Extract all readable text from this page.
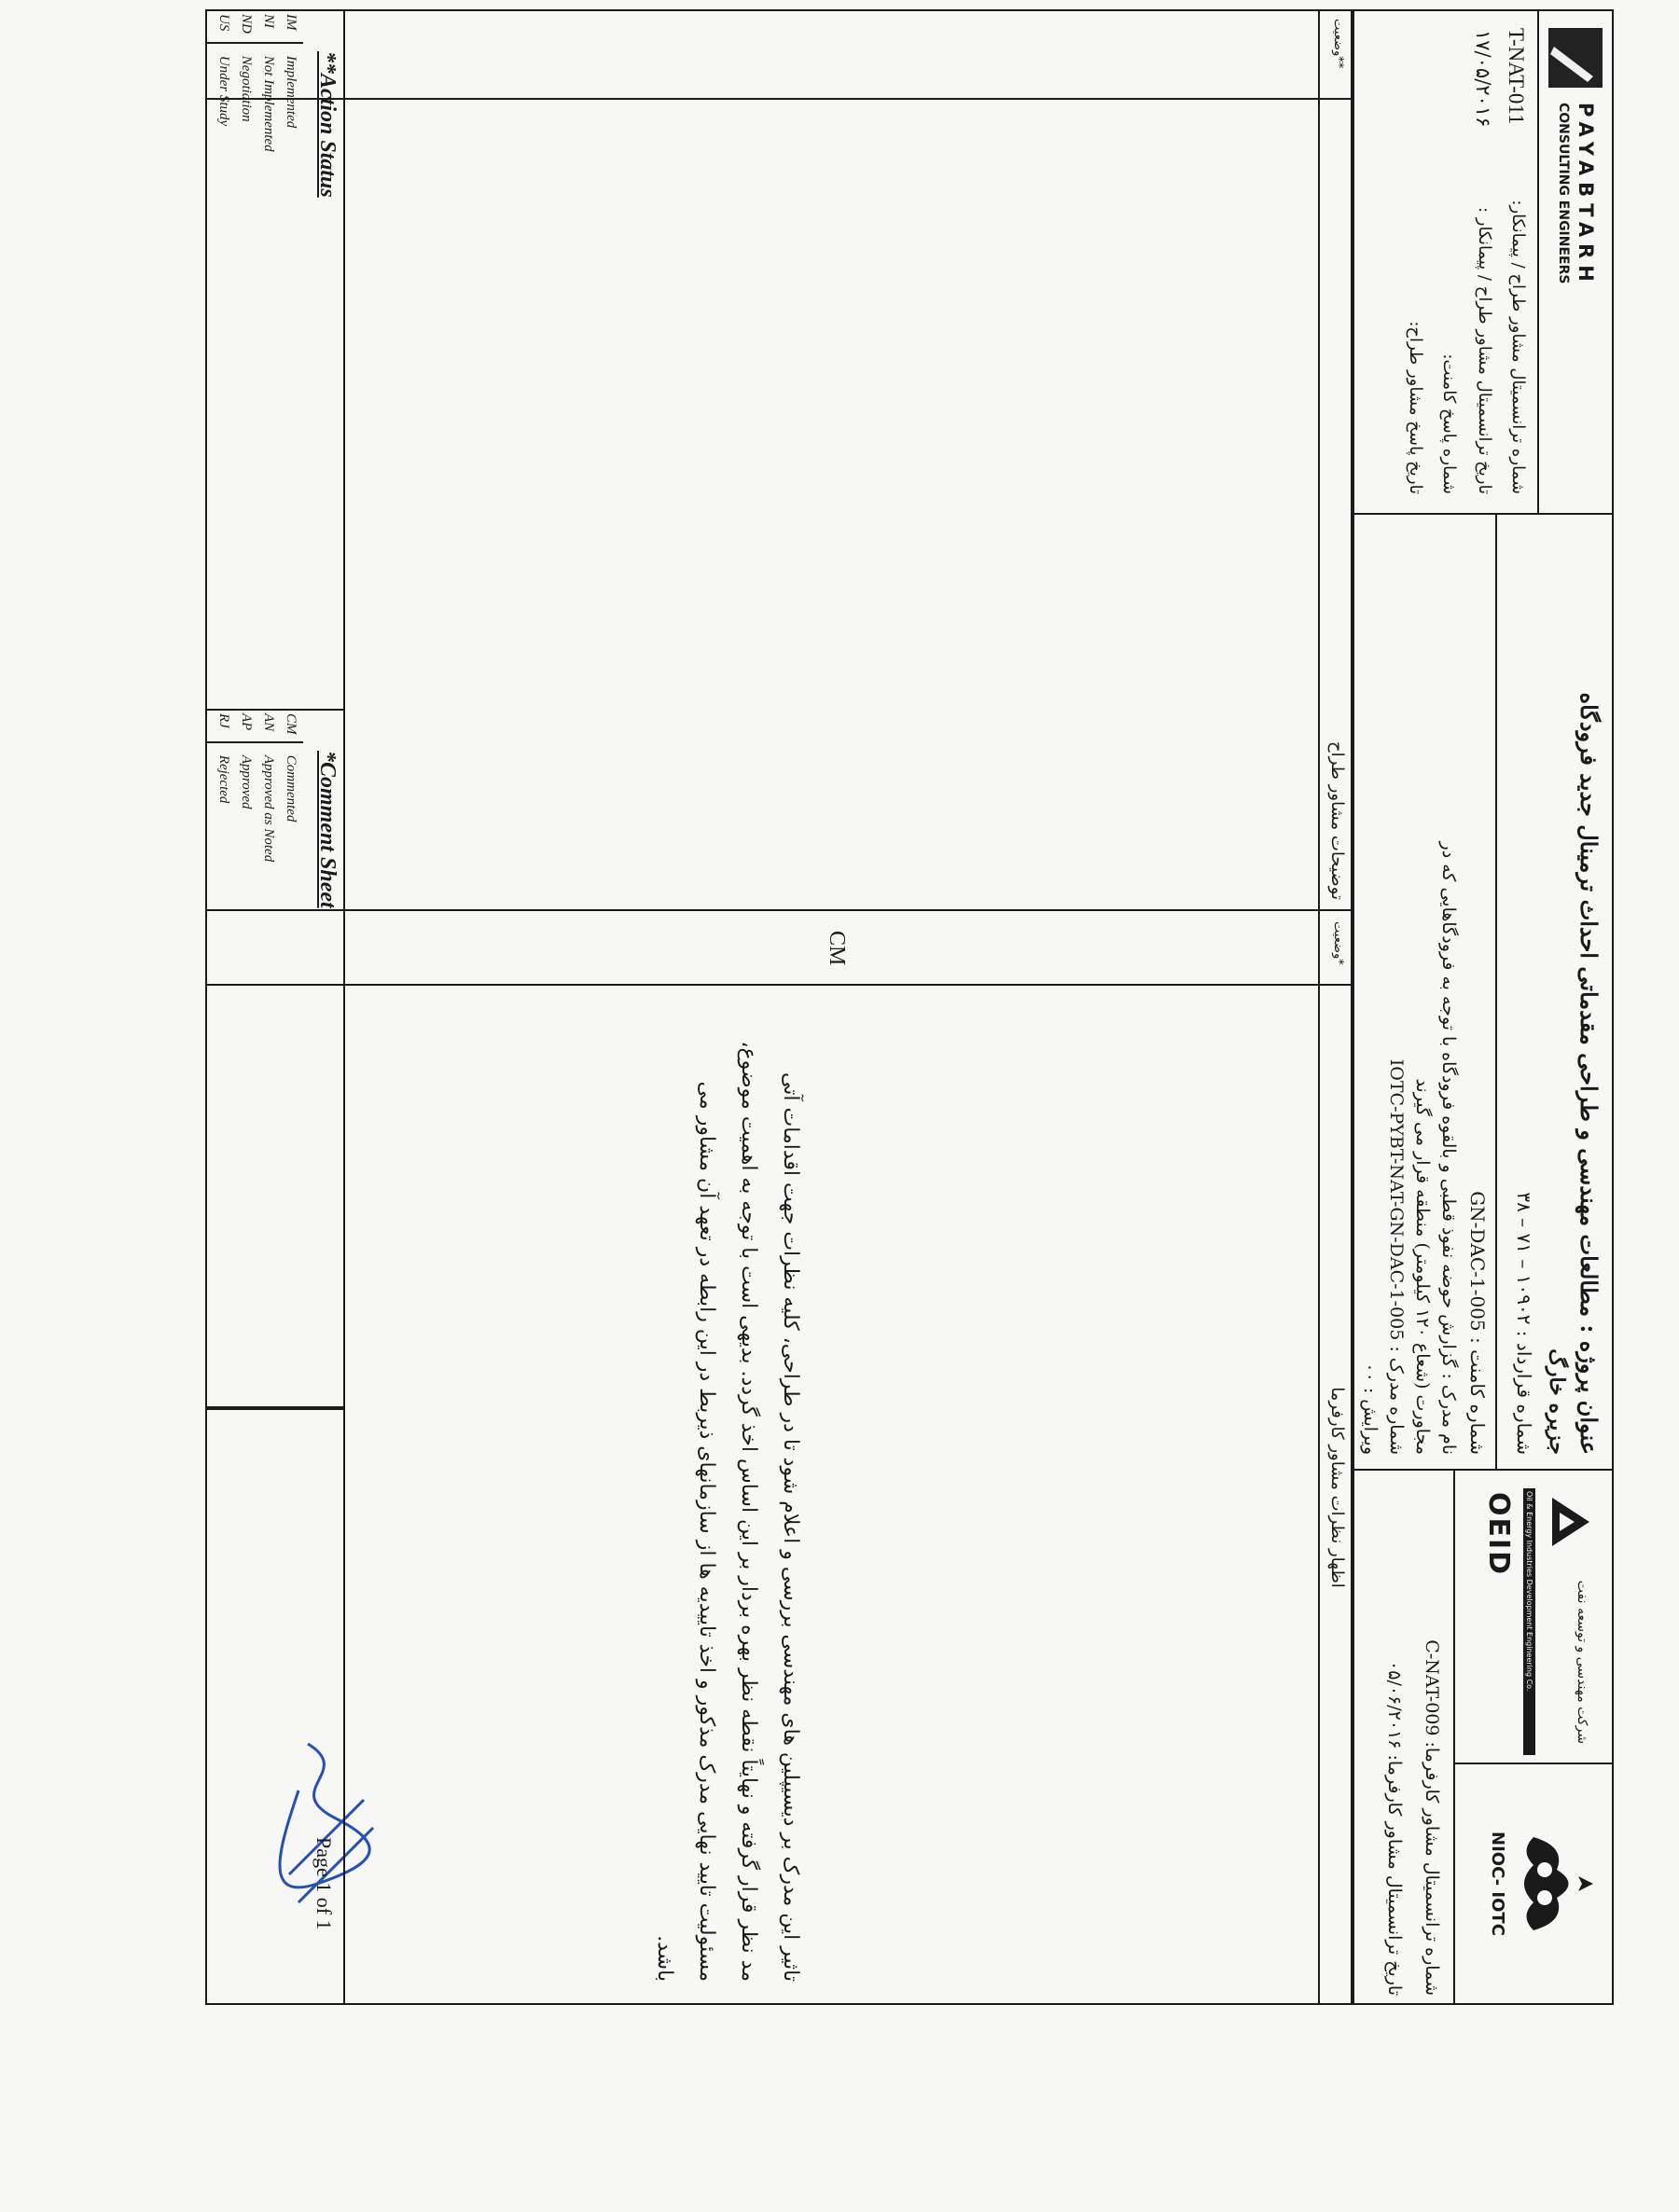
PAYABTARH
CONSULTING ENGINEERS
T-NAT-011
شماره ترانسمیتال مشاور طراح / پیمانکار:
تاریخ ترانسمیتال مشاور طراح / پیمانکار :
۱۷/۰۵/۲۰۱۶
شماره پاسخ کامنت:
تاریخ پاسخ مشاور طراح:
عنوان پروژه : مطالعات مهندسی و طراحی مقدماتی احداث ترمینال جدید فرودگاه
جزیره خارگ
شماره قرارداد : ۱۰۹۰۲ – ۷۱ – ۳۸
شماره کامنت : GN-DAC-1-005
نام مدرک : گزارش حوضه نفوذ قطبی و بالقوه فرودگاه با توجه به فرودگاهایی که در
مجاورت (شعاع ۱۲۰ کیلومتر) منطقه قرار می گیرند
شماره مدرک : IOTC-PYBT-NAT-GN-DAC-1-005
ویرایش : ۰۰
شرکت مهندسی و توسعه نفت
Oil & Energy Industries Development Engineering Co.
OEID
NIOC- IOTC
شماره ترانسمیتال مشاور کارفرما: C-NAT-009
تاریخ ترانسمیتال مشاور کارفرما: ۰۵/۰۶/۲۰۱۶
وضعیت**
توضیحات مشاور طراح
وضعیت*
اظهار نظرات مشاور کارفرما
CM
تاثیر این مدرک بر دیسیپلین های مهندسی بررسی و اعلام شود تا در طراحی، کلیه نظرات جهت اقدامات آتی
مد نظر قرار گرفته و نهایتاً نقطه نظر بهره بردار بر این اساس اخذ گردد. بدیهی است با توجه به اهمیت موضوع،
مسئولیت تایید نهایی مدرک مذکور و اخذ تاییدیه ها از سازمانهای ذیربط در این رابطه در تعهد آن مشاور می
باشد.
**Action Status
IM Implemented
NI Not Implemented
ND Negotiation
US Under Study
*Comment Sheet
CM Commented
AN Approved as Noted
AP Approved
RJ Rejected
Page 1 of 1
